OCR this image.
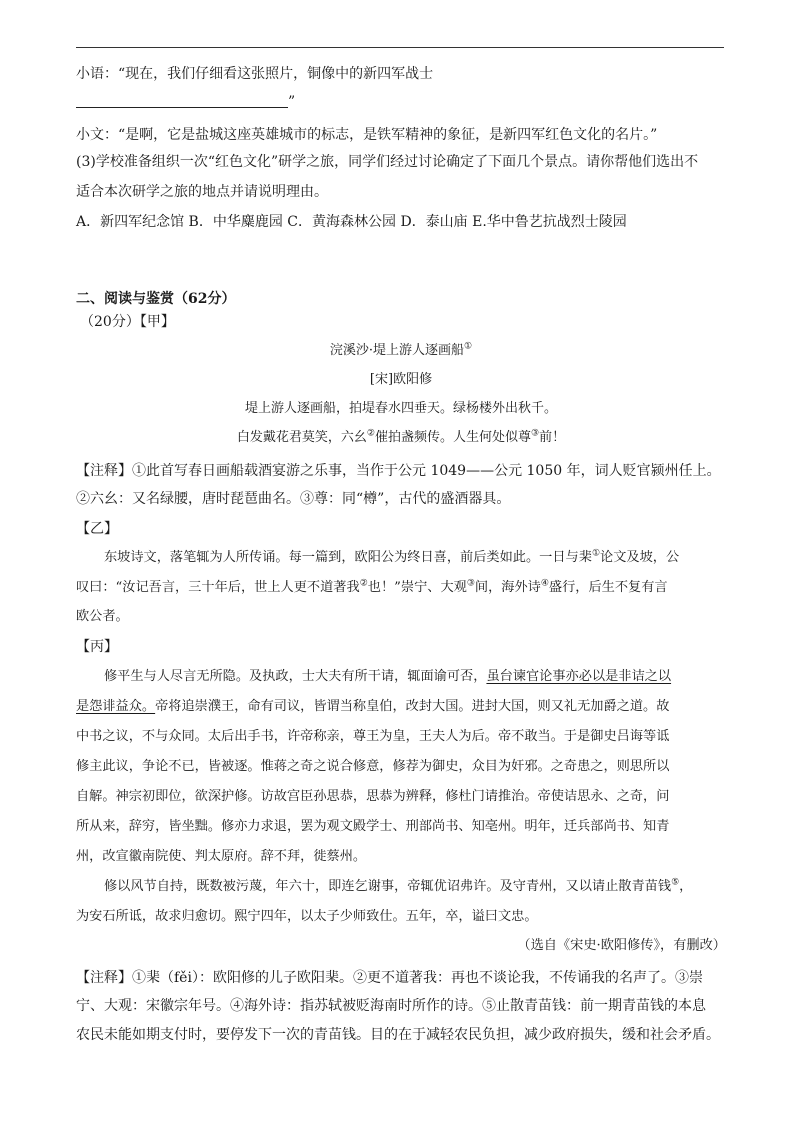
小语：“现在，我们仔细看这张照片，铜像中的新四军战士
”
小文：“是啊，它是盐城这座英雄城市的标志，是铁军精神的象征，是新四军红色文化的名片。”
(3)学校准备组织一次“红色文化”研学之旅，同学们经过讨论确定了下面几个景点。请你帮他们选出不
适合本次研学之旅的地点并请说明理由。
A．新四军纪念馆 B．中华麋鹿园 C．黄海森林公园 D．泰山庙 E.华中鲁艺抗战烈士陵园
二、阅读与鉴赏（62分）
（20分）【甲】
浣溪沙·堤上游人逐画船①
[宋]欧阳修
堤上游人逐画船，拍堤春水四垂天。绿杨楼外出秋千。
白发戴花君莫笑，六幺②催拍盏频传。人生何处似尊③前！
【注释】①此首写春日画船载酒宴游之乐事，当作于公元 1049——公元 1050 年，词人贬官颍州任上。
②六幺：又名绿腰，唐时琵琶曲名。③尊：同“樽”，古代的盛酒器具。
【乙】
东坡诗文，落笔辄为人所传诵。每一篇到，欧阳公为终日喜，前后类如此。一日与棐①论文及坡，公
叹曰：“汝记吾言，三十年后，世上人更不道著我②也！”崇宁、大观③间，海外诗④盛行，后生不复有言
欧公者。
【丙】
修平生与人尽言无所隐。及执政，士大夫有所干请，辄面谕可否，虽台谏官论事亦必以是非诘之以
是怨诽益众。帝将追崇濮王，命有司议，皆谓当称皇伯，改封大国。进封大国，则又礼无加爵之道。故
中书之议，不与众同。太后出手书，许帝称亲，尊王为皇，王夫人为后。帝不敢当。于是御史吕诲等诋
修主此议，争论不已，皆被逐。惟蒋之奇之说合修意，修荐为御史，众目为奸邪。之奇患之，则思所以
自解。神宗初即位，欲深护修。访故宫臣孙思恭，思恭为辨释，修杜门请推治。帝使诘思永、之奇，问
所从来，辞穷，皆坐黜。修亦力求退，罢为观文殿学士、刑部尚书、知亳州。明年，迁兵部尚书、知青
州，改宣徽南院使、判太原府。辞不拜，徙蔡州。
修以风节自持，既数被污蔑，年六十，即连乞谢事，帝辄优诏弗许。及守青州，又以请止散青苗钱⑤，
为安石所诋，故求归愈切。熙宁四年，以太子少师致仕。五年，卒，谥曰文忠。
（选自《宋史·欧阳修传》，有删改）
【注释】①棐（fěi）：欧阳修的儿子欧阳棐。②更不道著我：再也不谈论我，不传诵我的名声了。③崇
宁、大观：宋徽宗年号。④海外诗：指苏轼被贬海南时所作的诗。⑤止散青苗钱：前一期青苗钱的本息
农民未能如期支付时，要停发下一次的青苗钱。目的在于减轻农民负担，减少政府损失，缓和社会矛盾。
